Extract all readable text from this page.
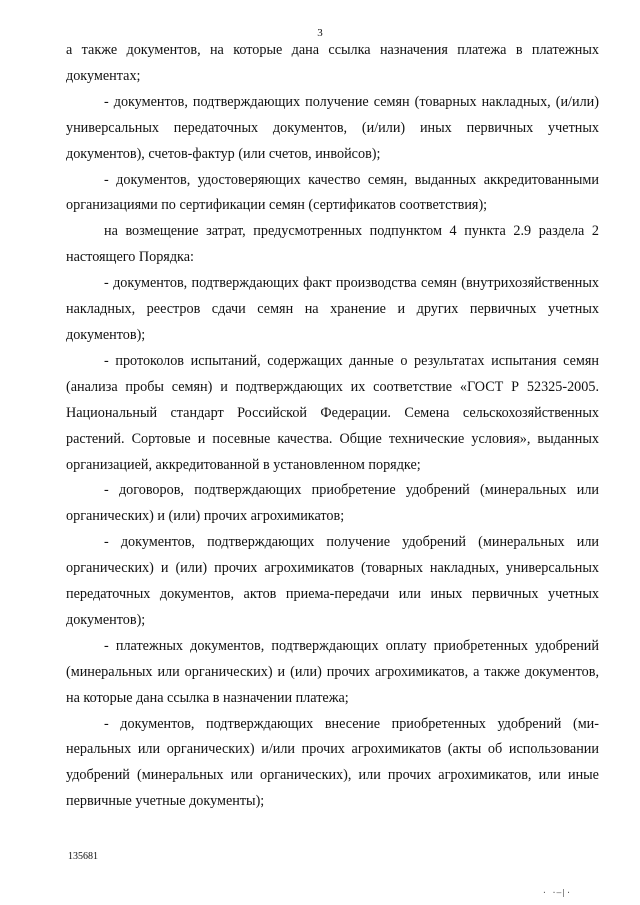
3

а также документов, на которые дана ссылка назначения платежа в платежных документах;

- документов, подтверждающих получение семян (товарных накладных, (и/или) универсальных передаточных документов, (и/или) иных первичных учетных документов), счетов-фактур (или счетов, инвойсов);

- документов, удостоверяющих качество семян, выданных аккредитованными организациями по сертификации семян (сертификатов соответствия);

на возмещение затрат, предусмотренных подпунктом 4 пункта 2.9 раздела 2 настоящего Порядка:

- документов, подтверждающих факт производства семян (внутрихозяйственных накладных, реестров сдачи семян на хранение и других первичных учетных документов);

- протоколов испытаний, содержащих данные о результатах испытания семян (анализа пробы семян) и подтверждающих их соответствие «ГОСТ Р 52325-2005. Национальный стандарт Российской Федерации. Семена сельскохозяйственных растений. Сортовые и посевные качества. Общие технические условия», выданных организацией, аккредитованной в установленном порядке;

- договоров, подтверждающих приобретение удобрений (минеральных или органических) и (или) прочих агрохимикатов;

- документов, подтверждающих получение удобрений (минеральных или органических) и (или) прочих агрохимикатов (товарных накладных, универсальных передаточных документов, актов приема-передачи или иных первичных учетных документов);

- платежных документов, подтверждающих оплату приобретенных удобрений (минеральных или органических) и (или) прочих агрохимикатов, а также документов, на которые дана ссылка в назначении платежа;

- документов, подтверждающих внесение приобретенных удобрений (минеральных или органических) и/или прочих агрохимикатов (акты об использовании удобрений (минеральных или органических), или прочих агрохимикатов, или иные первичные учетные документы);

135681
· ·—|·
